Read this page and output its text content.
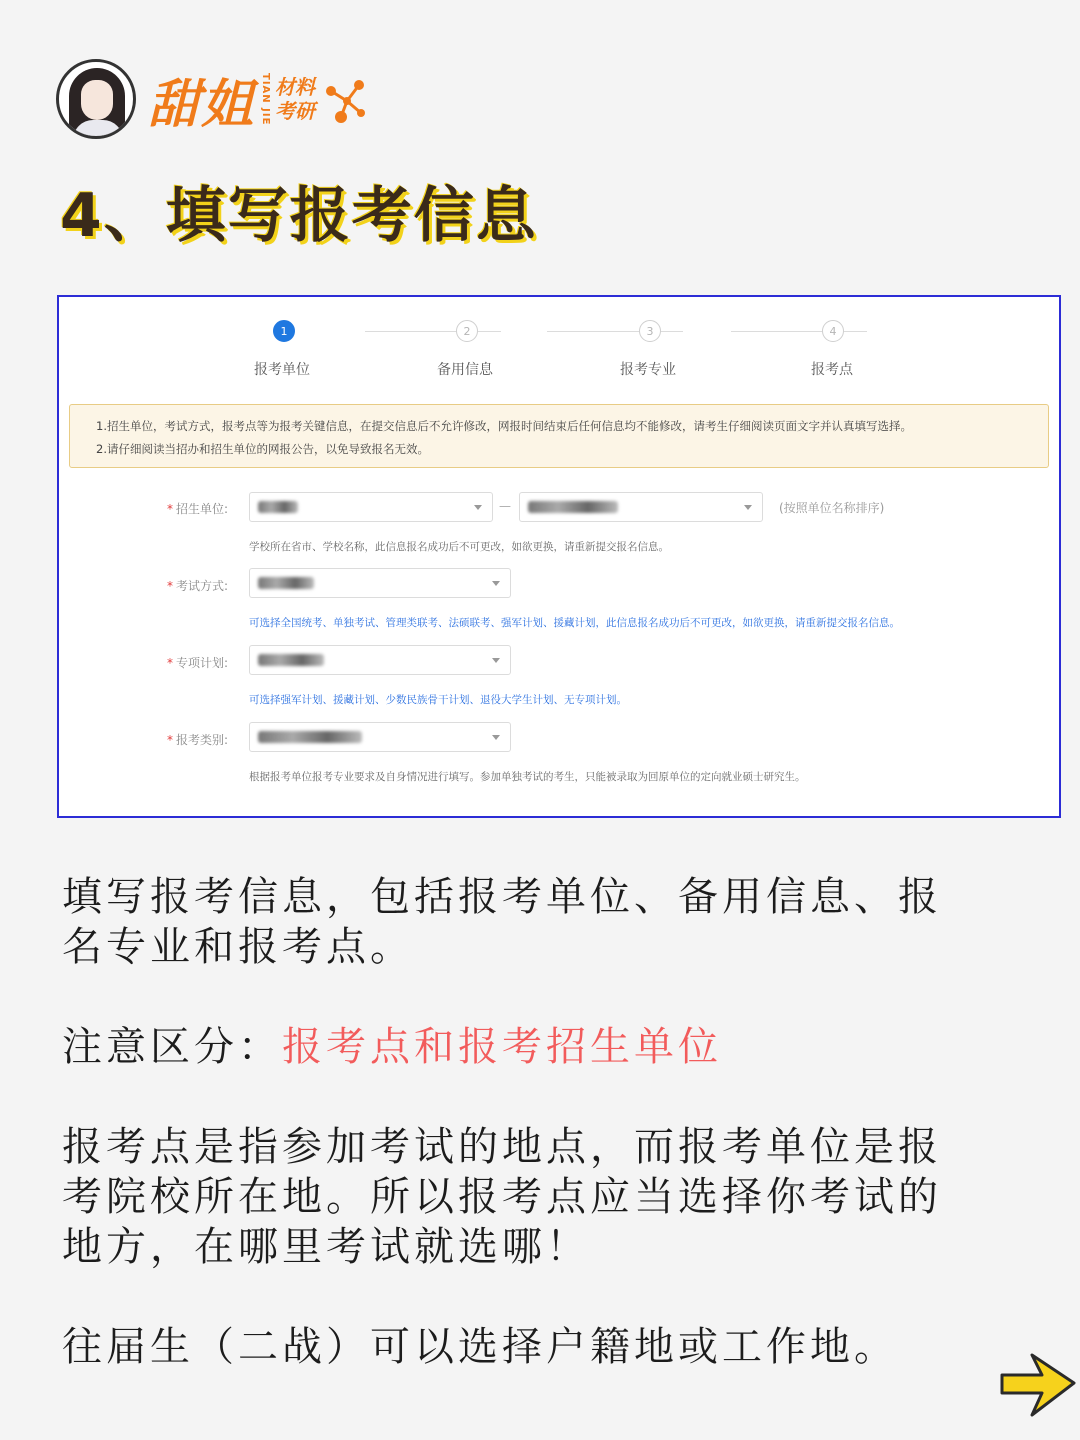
甜姐 TIAN JIE 材料
考研
4、填写报考信息
1	2	3	4
报考单位	备用信息	报考专业	报考点
1.招生单位，考试方式，报考点等为报考关键信息，在提交信息后不允许修改，网报时间结束后任何信息均不能修改，请考生仔细阅读页面文字并认真填写选择。
2.请仔细阅读当招办和招生单位的网报公告，以免导致报名无效。
* 招生单位:	—	(按照单位名称排序)
学校所在省市、学校名称，此信息报名成功后不可更改，如欲更换，请重新提交报名信息。
* 考试方式:
可选择全国统考、单独考试、管理类联考、法硕联考、强军计划、援藏计划，此信息报名成功后不可更改，如欲更换，请重新提交报名信息。
* 专项计划:
可选择强军计划、援藏计划、少数民族骨干计划、退役大学生计划、无专项计划。
* 报考类别:
根据报考单位报考专业要求及自身情况进行填写。参加单独考试的考生，只能被录取为回原单位的定向就业硕士研究生。
填写报考信息，包括报考单位、备用信息、报名专业和报考点。
注意区分：报考点和报考招生单位
报考点是指参加考试的地点，而报考单位是报考院校所在地。所以报考点应当选择你考试的地方，在哪里考试就选哪！
往届生（二战）可以选择户籍地或工作地。
